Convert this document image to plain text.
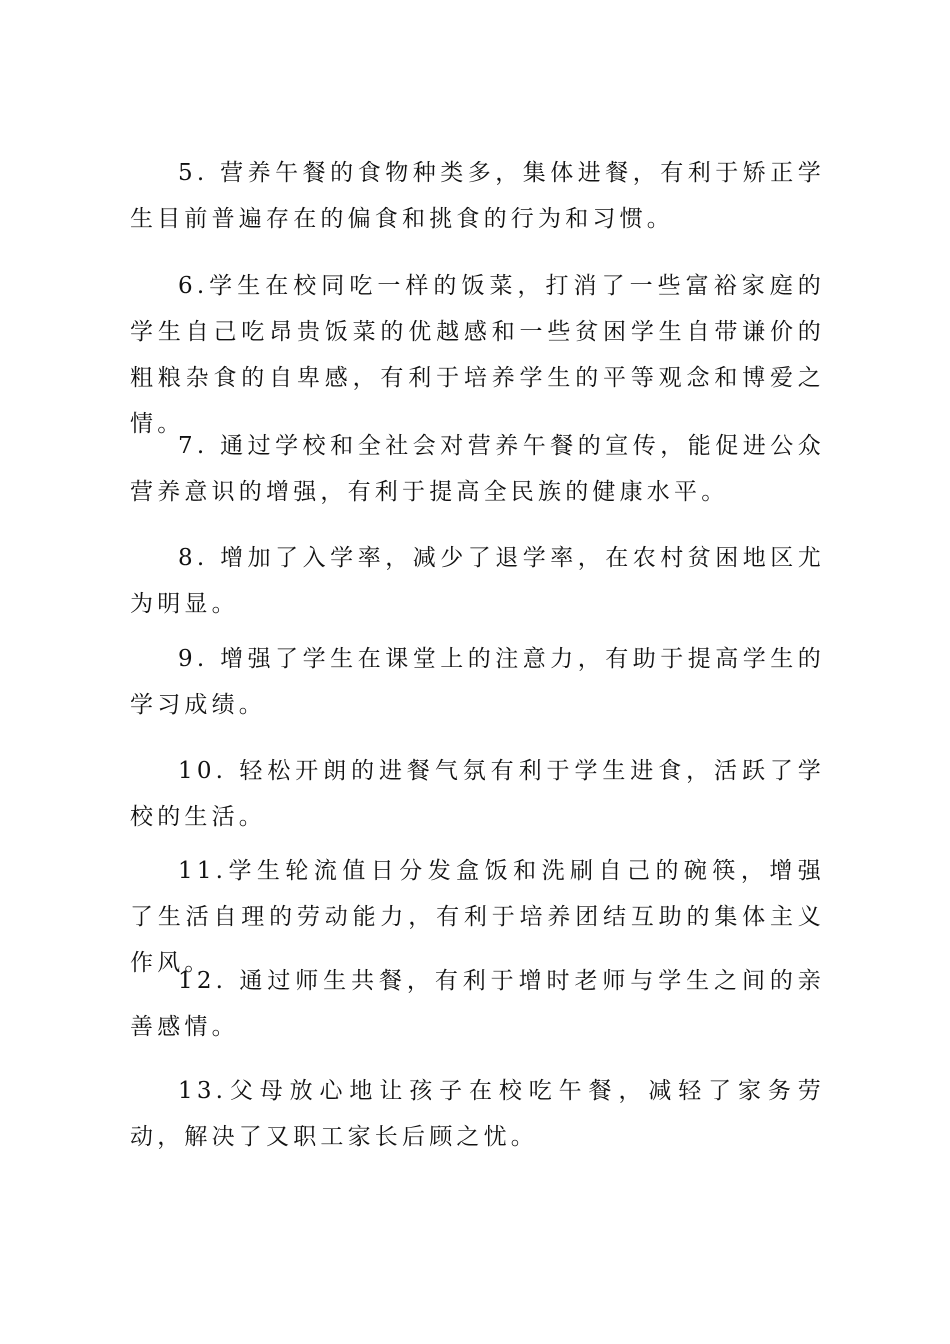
5. 营养午餐的食物种类多，集体进餐，有利于矫正学生目前普遍存在的偏食和挑食的行为和习惯。

6.学生在校同吃一样的饭菜，打消了一些富裕家庭的学生自己吃昂贵饭菜的优越感和一些贫困学生自带谦价的粗粮杂食的自卑感，有利于培养学生的平等观念和博爱之情。

7. 通过学校和全社会对营养午餐的宣传，能促进公众营养意识的增强，有利于提高全民族的健康水平。

8. 增加了入学率，减少了退学率，在农村贫困地区尤为明显。

9. 增强了学生在课堂上的注意力，有助于提高学生的学习成绩。

10. 轻松开朗的进餐气氛有利于学生进食，活跃了学校的生活。

11.学生轮流值日分发盒饭和洗刷自己的碗筷，增强了生活自理的劳动能力，有利于培养团结互助的集体主义作风。

12. 通过师生共餐，有利于增时老师与学生之间的亲善感情。

13.父母放心地让孩子在校吃午餐，减轻了家务劳动，解决了又职工家长后顾之忧。
